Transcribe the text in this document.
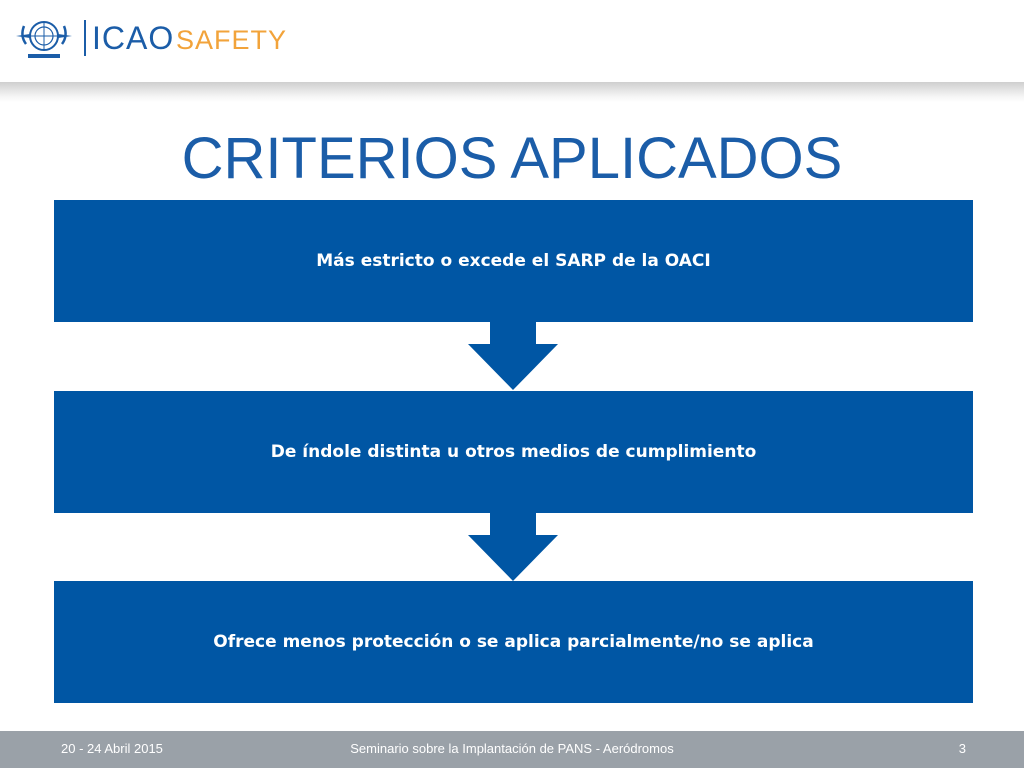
ICAO SAFETY
CRITERIOS APLICADOS
Más estricto o excede el SARP de la OACI
De índole distinta u otros medios de cumplimiento
Ofrece menos protección o se aplica parcialmente/no se aplica
20 - 24 Abril 2015	Seminario sobre la Implantación de PANS - Aeródromos	3
